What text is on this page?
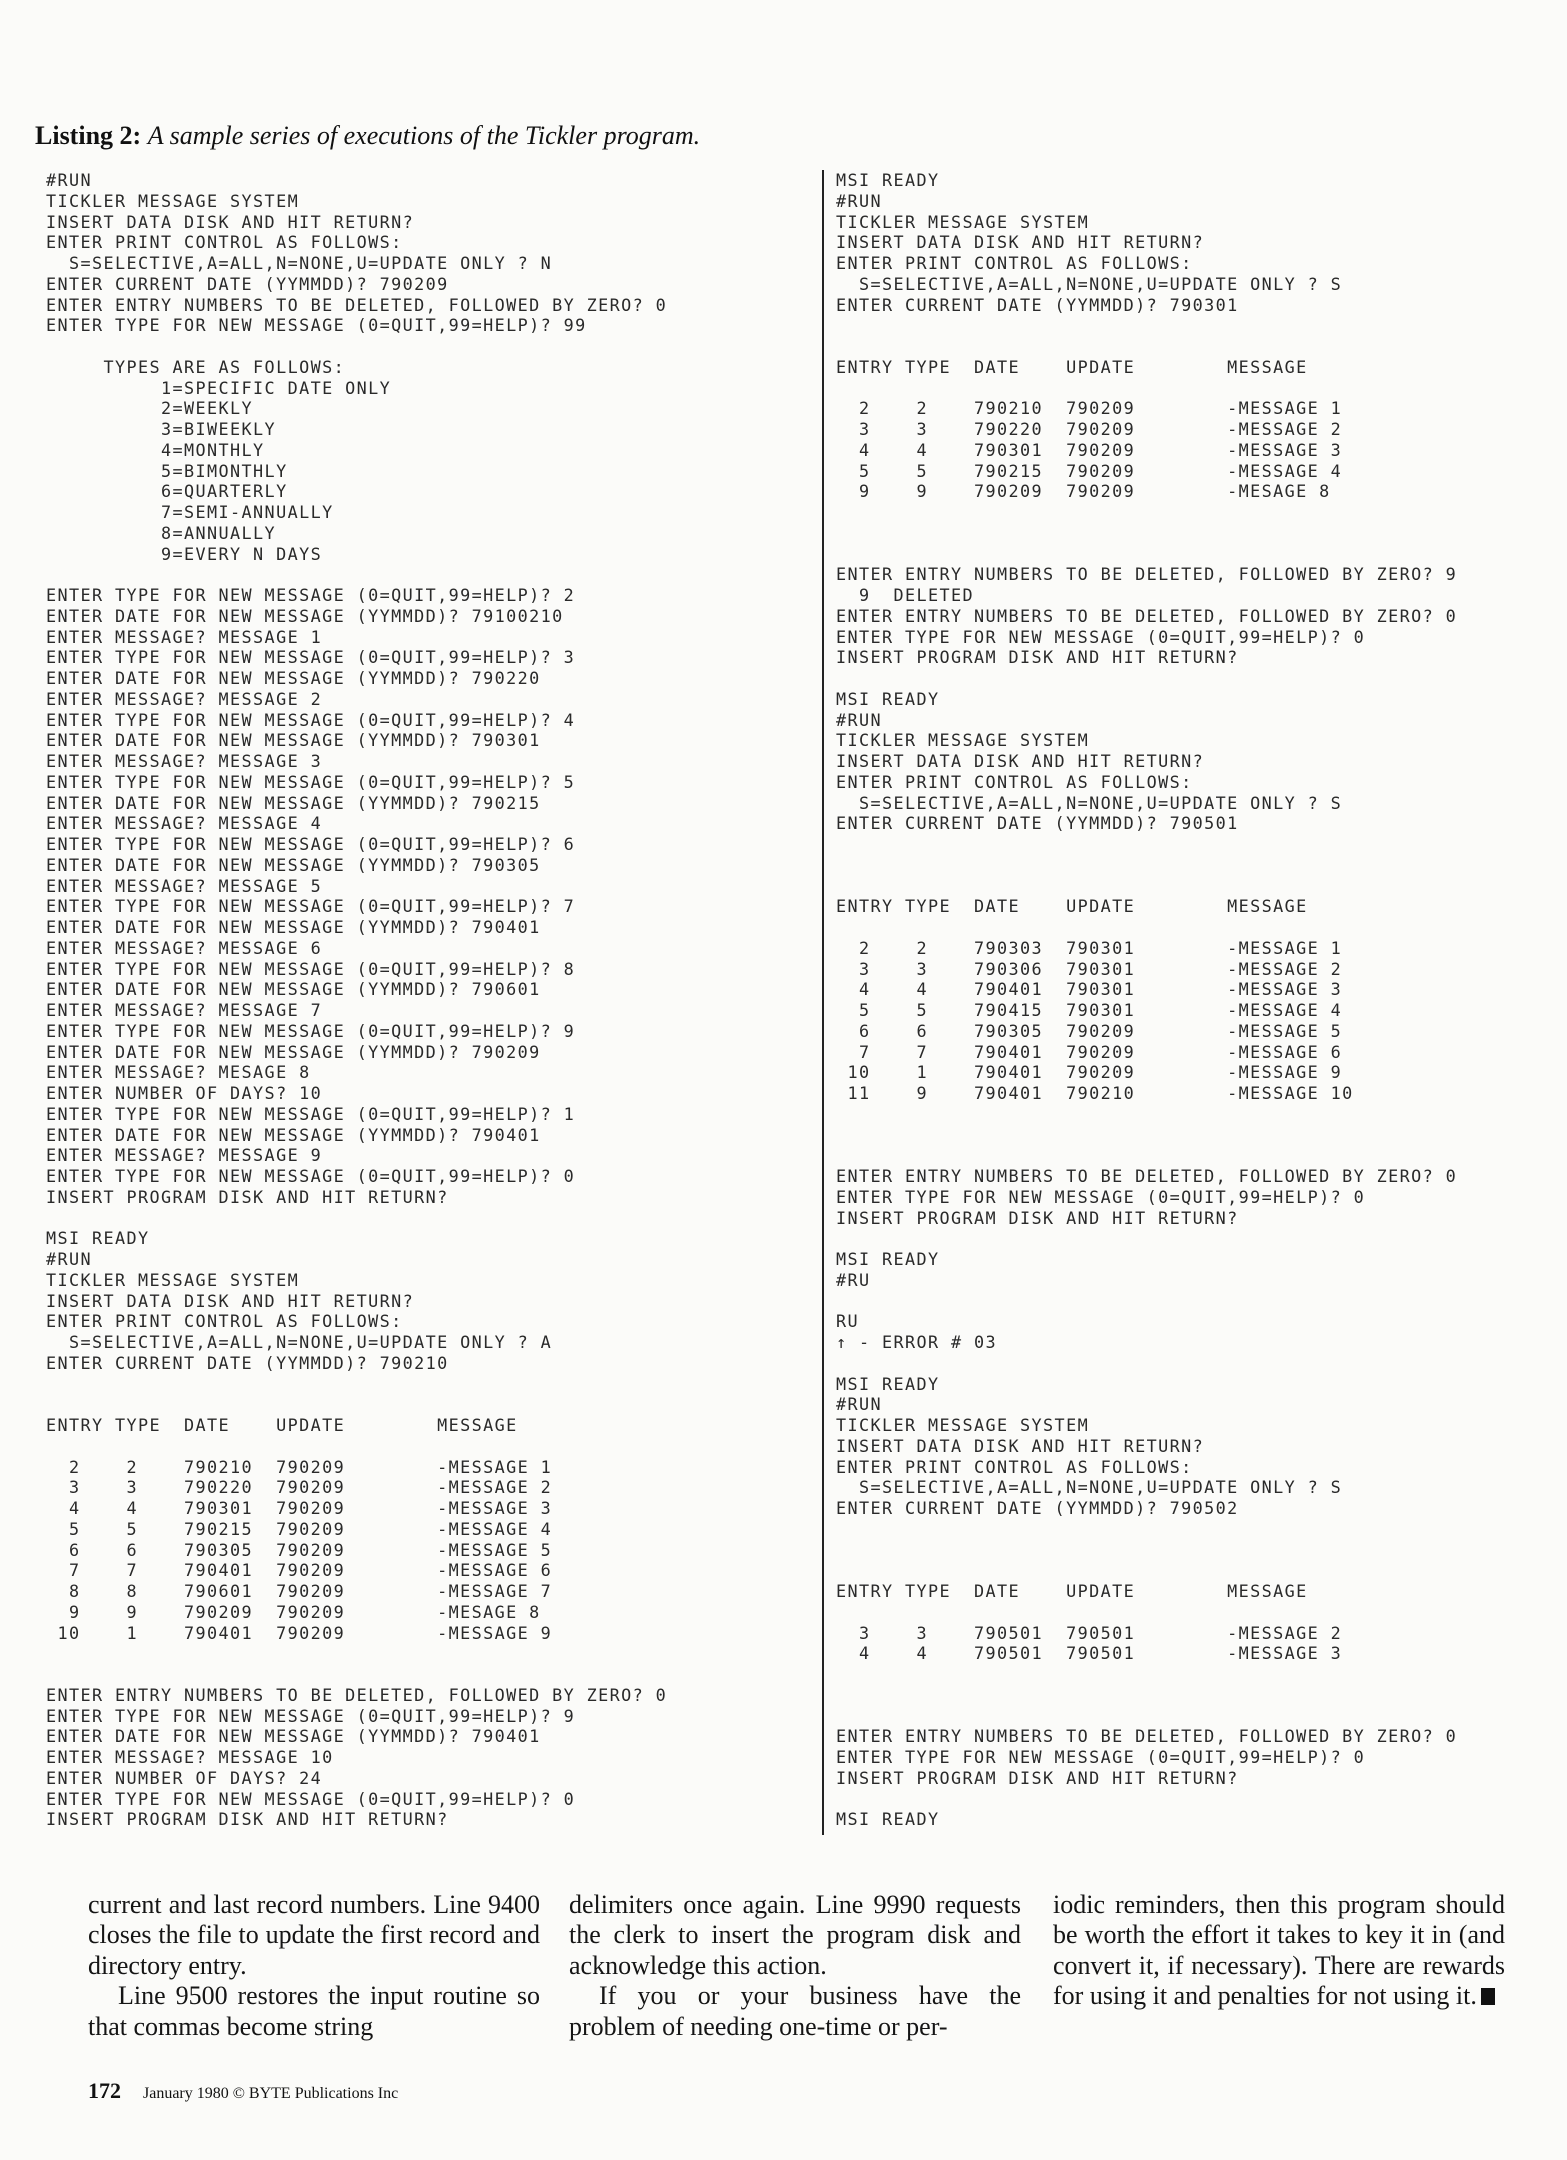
Listing 2: A sample series of executions of the Tickler program.
#RUN
TICKLER MESSAGE SYSTEM
INSERT DATA DISK AND HIT RETURN?
ENTER PRINT CONTROL AS FOLLOWS:
S=SELECTIVE,A=ALL,N=NONE,U=UPDATE ONLY ? N
ENTER CURRENT DATE (YYMMDD)? 790209
ENTER ENTRY NUMBERS TO BE DELETED, FOLLOWED BY ZERO? 0
ENTER TYPE FOR NEW MESSAGE (0=QUIT,99=HELP)? 99

TYPES ARE AS FOLLOWS:
1=SPECIFIC DATE ONLY
2=WEEKLY
3=BIWEEKLY
4=MONTHLY
5=BIMONTHLY
6=QUARTERLY
7=SEMI-ANNUALLY
8=ANNUALLY
9=EVERY N DAYS

ENTER TYPE FOR NEW MESSAGE (0=QUIT,99=HELP)? 2
ENTER DATE FOR NEW MESSAGE (YYMMDD)? 79100210
ENTER MESSAGE? MESSAGE 1
ENTER TYPE FOR NEW MESSAGE (0=QUIT,99=HELP)? 3
ENTER DATE FOR NEW MESSAGE (YYMMDD)? 790220
ENTER MESSAGE? MESSAGE 2
ENTER TYPE FOR NEW MESSAGE (0=QUIT,99=HELP)? 4
ENTER DATE FOR NEW MESSAGE (YYMMDD)? 790301
ENTER MESSAGE? MESSAGE 3
ENTER TYPE FOR NEW MESSAGE (0=QUIT,99=HELP)? 5
ENTER DATE FOR NEW MESSAGE (YYMMDD)? 790215
ENTER MESSAGE? MESSAGE 4
ENTER TYPE FOR NEW MESSAGE (0=QUIT,99=HELP)? 6
ENTER DATE FOR NEW MESSAGE (YYMMDD)? 790305
ENTER MESSAGE? MESSAGE 5
ENTER TYPE FOR NEW MESSAGE (0=QUIT,99=HELP)? 7
ENTER DATE FOR NEW MESSAGE (YYMMDD)? 790401
ENTER MESSAGE? MESSAGE 6
ENTER TYPE FOR NEW MESSAGE (0=QUIT,99=HELP)? 8
ENTER DATE FOR NEW MESSAGE (YYMMDD)? 790601
ENTER MESSAGE? MESSAGE 7
ENTER TYPE FOR NEW MESSAGE (0=QUIT,99=HELP)? 9
ENTER DATE FOR NEW MESSAGE (YYMMDD)? 790209
ENTER MESSAGE? MESAGE 8
ENTER NUMBER OF DAYS? 10
ENTER TYPE FOR NEW MESSAGE (0=QUIT,99=HELP)? 1
ENTER DATE FOR NEW MESSAGE (YYMMDD)? 790401
ENTER MESSAGE? MESSAGE 9
ENTER TYPE FOR NEW MESSAGE (0=QUIT,99=HELP)? 0
INSERT PROGRAM DISK AND HIT RETURN?

MSI READY
#RUN
TICKLER MESSAGE SYSTEM
INSERT DATA DISK AND HIT RETURN?
ENTER PRINT CONTROL AS FOLLOWS:
S=SELECTIVE,A=ALL,N=NONE,U=UPDATE ONLY ? A
ENTER CURRENT DATE (YYMMDD)? 790210

ENTRY TYPE  DATE    UPDATE        MESSAGE

2    2    790210  790209        -MESSAGE 1
3    3    790220  790209        -MESSAGE 2
4    4    790301  790209        -MESSAGE 3
5    5    790215  790209        -MESSAGE 4
6    6    790305  790209        -MESSAGE 5
7    7    790401  790209        -MESSAGE 6
8    8    790601  790209        -MESSAGE 7
9    9    790209  790209        -MESAGE 8
10    1    790401  790209        -MESSAGE 9

ENTER ENTRY NUMBERS TO BE DELETED, FOLLOWED BY ZERO? 0
ENTER TYPE FOR NEW MESSAGE (0=QUIT,99=HELP)? 9
ENTER DATE FOR NEW MESSAGE (YYMMDD)? 790401
ENTER MESSAGE? MESSAGE 10
ENTER NUMBER OF DAYS? 24
ENTER TYPE FOR NEW MESSAGE (0=QUIT,99=HELP)? 0
INSERT PROGRAM DISK AND HIT RETURN?
MSI READY
#RUN
TICKLER MESSAGE SYSTEM
INSERT DATA DISK AND HIT RETURN?
ENTER PRINT CONTROL AS FOLLOWS:
S=SELECTIVE,A=ALL,N=NONE,U=UPDATE ONLY ? S
ENTER CURRENT DATE (YYMMDD)? 790301

ENTRY TYPE  DATE    UPDATE        MESSAGE

2    2    790210  790209        -MESSAGE 1
3    3    790220  790209        -MESSAGE 2
4    4    790301  790209        -MESSAGE 3
5    5    790215  790209        -MESSAGE 4
9    9    790209  790209        -MESAGE 8

ENTER ENTRY NUMBERS TO BE DELETED, FOLLOWED BY ZERO? 9
9  DELETED
ENTER ENTRY NUMBERS TO BE DELETED, FOLLOWED BY ZERO? 0
ENTER TYPE FOR NEW MESSAGE (0=QUIT,99=HELP)? 0
INSERT PROGRAM DISK AND HIT RETURN?

MSI READY
#RUN
TICKLER MESSAGE SYSTEM
INSERT DATA DISK AND HIT RETURN?
ENTER PRINT CONTROL AS FOLLOWS:
S=SELECTIVE,A=ALL,N=NONE,U=UPDATE ONLY ? S
ENTER CURRENT DATE (YYMMDD)? 790501

ENTRY TYPE  DATE    UPDATE        MESSAGE

2    2    790303  790301        -MESSAGE 1
3    3    790306  790301        -MESSAGE 2
4    4    790401  790301        -MESSAGE 3
5    5    790415  790301        -MESSAGE 4
6    6    790305  790209        -MESSAGE 5
7    7    790401  790209        -MESSAGE 6
10    1    790401  790209        -MESSAGE 9
11    9    790401  790210        -MESSAGE 10

ENTER ENTRY NUMBERS TO BE DELETED, FOLLOWED BY ZERO? 0
ENTER TYPE FOR NEW MESSAGE (0=QUIT,99=HELP)? 0
INSERT PROGRAM DISK AND HIT RETURN?

MSI READY
#RU

RU
↑ - ERROR # 03

MSI READY
#RUN
TICKLER MESSAGE SYSTEM
INSERT DATA DISK AND HIT RETURN?
ENTER PRINT CONTROL AS FOLLOWS:
S=SELECTIVE,A=ALL,N=NONE,U=UPDATE ONLY ? S
ENTER CURRENT DATE (YYMMDD)? 790502

ENTRY TYPE  DATE    UPDATE        MESSAGE

3    3    790501  790501        -MESSAGE 2
4    4    790501  790501        -MESSAGE 3

ENTER ENTRY NUMBERS TO BE DELETED, FOLLOWED BY ZERO? 0
ENTER TYPE FOR NEW MESSAGE (0=QUIT,99=HELP)? 0
INSERT PROGRAM DISK AND HIT RETURN?

MSI READY

current and last record numbers. Line 9400 closes the file to update the first record and directory entry.

Line 9500 restores the input routine so that commas become string

delimiters once again. Line 9990 requests the clerk to insert the program disk and acknowledge this action.

If you or your business have the problem of needing one-time or per-

iodic reminders, then this program should be worth the effort it takes to key it in (and convert it, if necessary). There are rewards for using it and penalties for not using it.

172 January 1980 © BYTE Publications Inc
